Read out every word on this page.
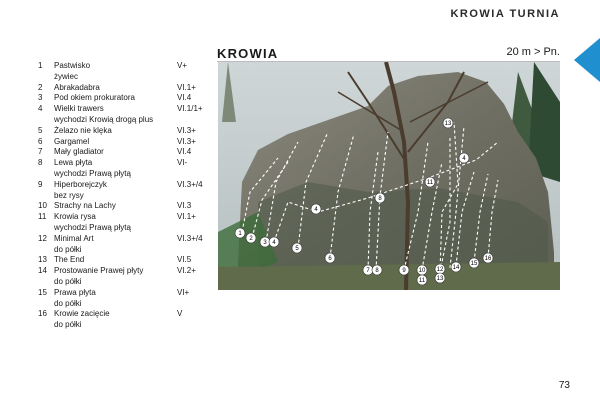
KROWIA TURNIA
KROWIA	20 m > Pn.
1	Pastwisko	V+
żywiec
2	Abrakadabra	VI.1+
3	Pod okiem prokuratora	VI.4
4	Wielki trawers	VI.1/1+
wychodzi Krowią drogą plus
5	Żelazo nie klęka	VI.3+
6	Gargamel	VI.3+
7	Mały gladiator	VI.4
8	Lewa płyta	VI-
wychodzi Prawą płytą
9	Hiperborejczyk	VI.3+/4
bez rysy
10 Strachy na Lachy	VI.3
11 Krowia rysa	VI.1+
wychodzi Prawą płytą
12 Minimal Art	VI.3+/4
do półki
13 The End	VI.5
14 Prostowanie Prawej płyty	VI.2+
do półki
15 Prawa płyta	VI+
do półki
16 Krowie zacięcie	V
do półki
1
2
3 4
5
6
7 8	9 10
11
12
13
14
15
16
4
8
11
13
4
73
